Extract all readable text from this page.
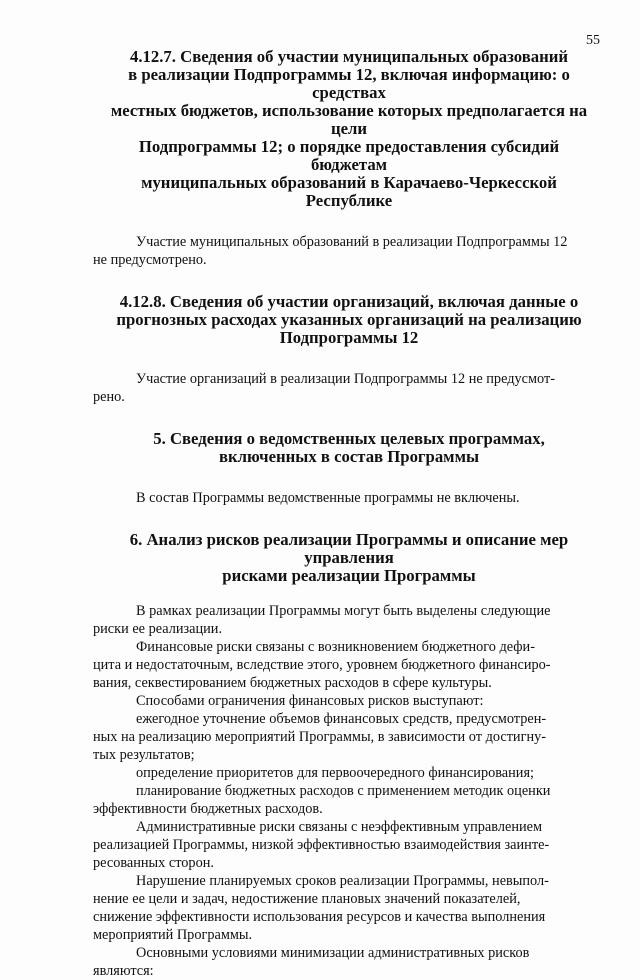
55
4.12.7. Сведения об участии муниципальных образований
в реализации Подпрограммы 12, включая информацию: о средствах
местных бюджетов, использование которых предполагается на цели
Подпрограммы 12; о порядке предоставления субсидий бюджетам
муниципальных образований в Карачаево-Черкесской Республике

Участие муниципальных образований в реализации Подпрограммы 12
не предусмотрено.

4.12.8. Сведения об участии организаций, включая данные о
прогнозных расходах указанных организаций на реализацию
Подпрограммы 12

Участие организаций в реализации Подпрограммы 12 не предусмот-
рено.

5. Сведения о ведомственных целевых программах,
включенных в состав Программы

В состав Программы ведомственные программы не включены.

6. Анализ рисков реализации Программы и описание мер управления
рисками реализации Программы

В рамках реализации Программы могут быть выделены следующие
риски ее реализации.

Финансовые риски связаны с возникновением бюджетного дефи-
цита и недостаточным, вследствие этого, уровнем бюджетного финансиро-
вания, секвестированием бюджетных расходов в сфере культуры.

Способами ограничения финансовых рисков выступают:

ежегодное уточнение объемов финансовых средств, предусмотрен-
ных на реализацию мероприятий Программы, в зависимости от достигну-
тых результатов;

определение приоритетов для первоочередного финансирования;

планирование бюджетных расходов с применением методик оценки
эффективности бюджетных расходов.

Административные риски связаны с неэффективным управлением
реализацией Программы, низкой эффективностью взаимодействия заинте-
ресованных сторон.

Нарушение планируемых сроков реализации Программы, невыпол-
нение ее цели и задач, недостижение плановых значений показателей,
снижение эффективности использования ресурсов и качества выполнения
мероприятий Программы.

Основными условиями минимизации административных рисков
являются:
